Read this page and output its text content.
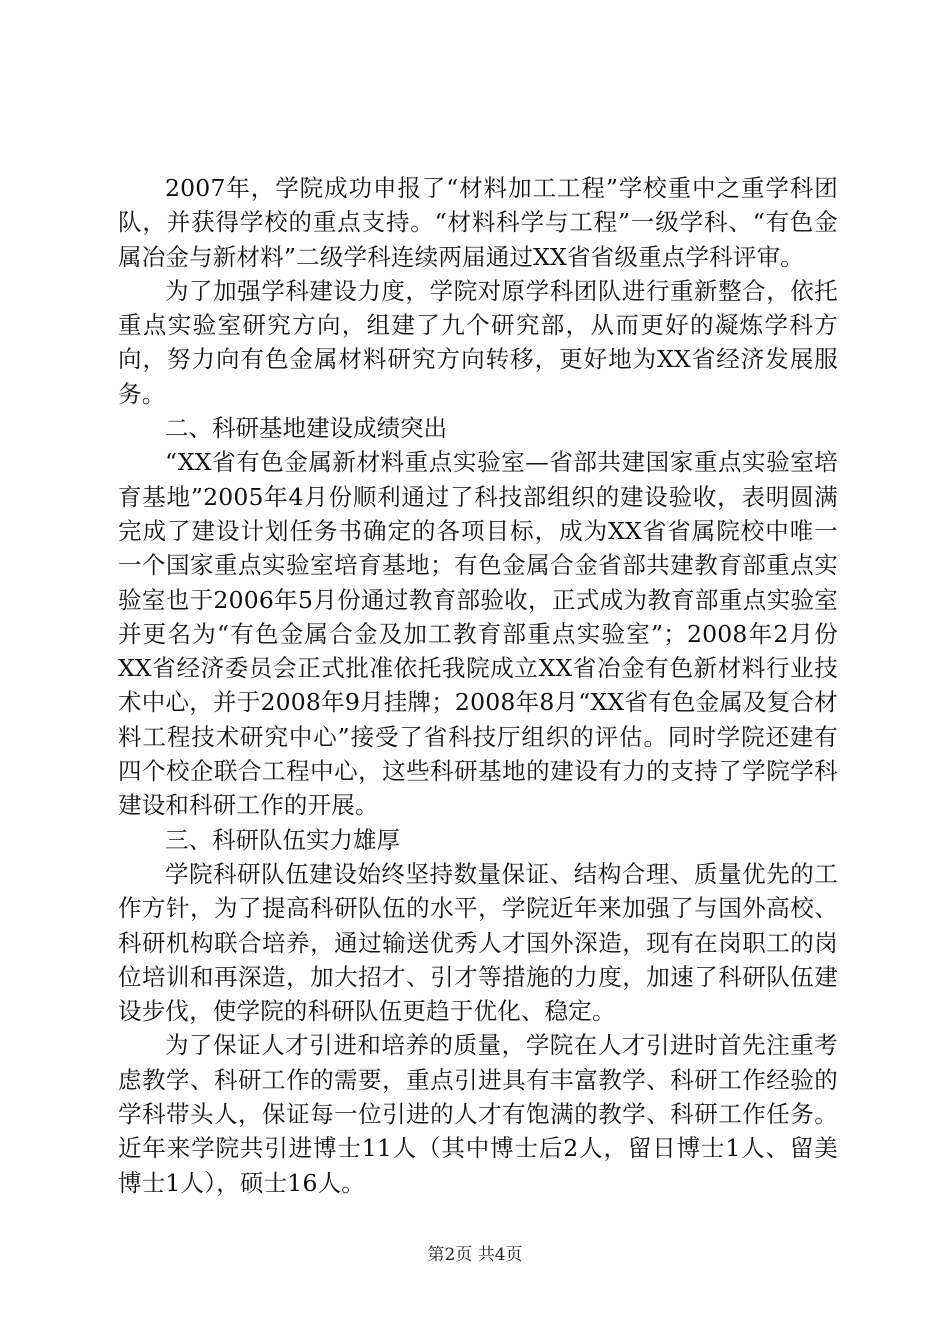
2007年，学院成功申报了“材料加工工程”学校重中之重学科团队，并获得学校的重点支持。“材料科学与工程”一级学科、“有色金属冶金与新材料”二级学科连续两届通过XX省省级重点学科评审。

为了加强学科建设力度，学院对原学科团队进行重新整合，依托重点实验室研究方向，组建了九个研究部，从而更好的凝炼学科方向，努力向有色金属材料研究方向转移，更好地为XX省经济发展服务。

二、科研基地建设成绩突出

“XX省有色金属新材料重点实验室—省部共建国家重点实验室培育基地”2005年4月份顺利通过了科技部组织的建设验收，表明圆满完成了建设计划任务书确定的各项目标，成为XX省省属院校中唯一一个国家重点实验室培育基地；有色金属合金省部共建教育部重点实验室也于2006年5月份通过教育部验收，正式成为教育部重点实验室并更名为“有色金属合金及加工教育部重点实验室”；2008年2月份XX省经济委员会正式批准依托我院成立XX省冶金有色新材料行业技术中心，并于2008年9月挂牌；2008年8月“XX省有色金属及复合材料工程技术研究中心”接受了省科技厅组织的评估。同时学院还建有四个校企联合工程中心，这些科研基地的建设有力的支持了学院学科建设和科研工作的开展。

三、科研队伍实力雄厚

学院科研队伍建设始终坚持数量保证、结构合理、质量优先的工作方针，为了提高科研队伍的水平，学院近年来加强了与国外高校、科研机构联合培养，通过输送优秀人才国外深造，现有在岗职工的岗位培训和再深造，加大招才、引才等措施的力度，加速了科研队伍建设步伐，使学院的科研队伍更趋于优化、稳定。

为了保证人才引进和培养的质量，学院在人才引进时首先注重考虑教学、科研工作的需要，重点引进具有丰富教学、科研工作经验的学科带头人，保证每一位引进的人才有饱满的教学、科研工作任务。近年来学院共引进博士11人（其中博士后2人，留日博士1人、留美博士1人），硕士16人。

第2页 共4页
